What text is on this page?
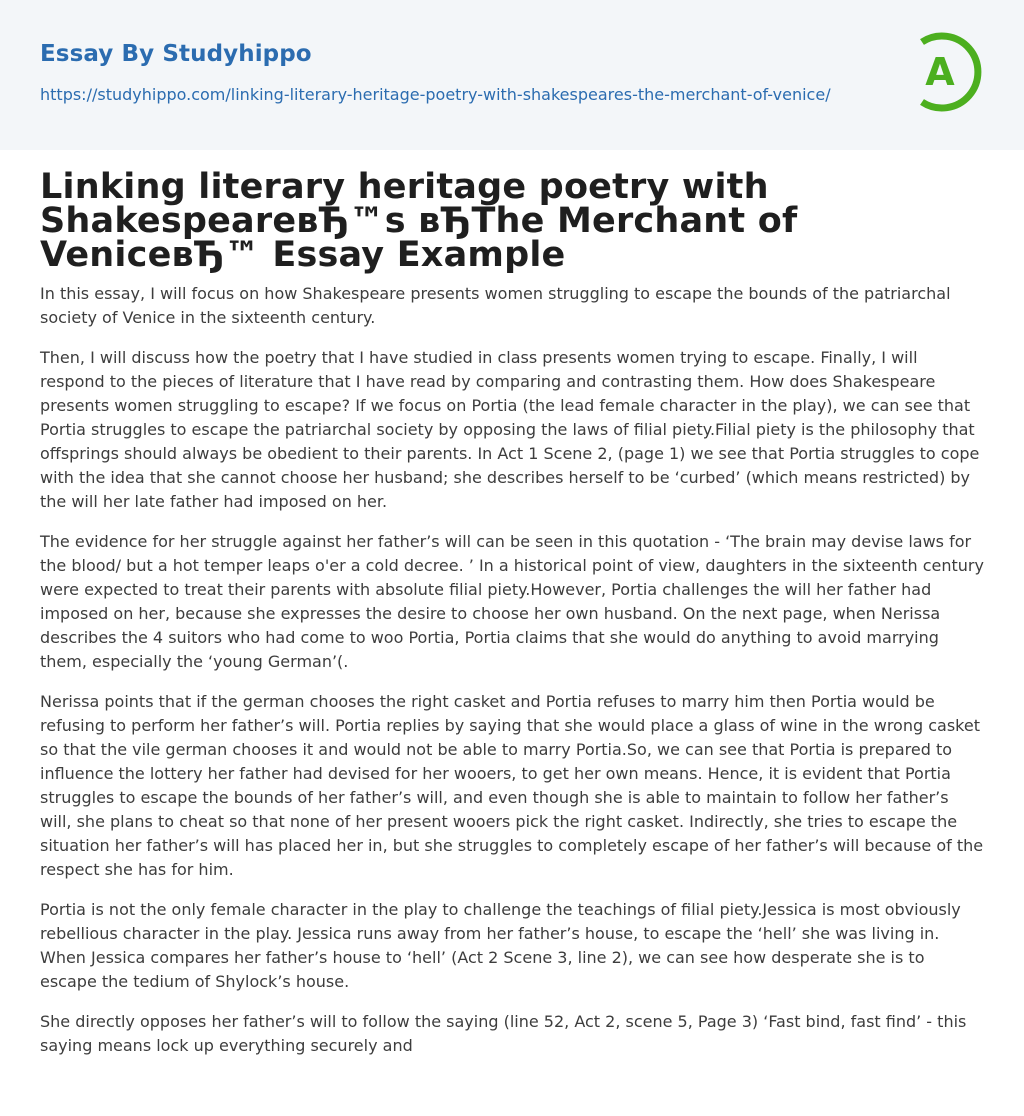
Essay By Studyhippo
https://studyhippo.com/linking-literary-heritage-poetry-with-shakespeares-the-merchant-of-venice/
A
Linking literary heritage poetry with ShakespeareвЂ™s вЂThe Merchant of VeniceвЂ™ Essay Example

In this essay, I will focus on how Shakespeare presents women struggling to escape the bounds of the patriarchal society of Venice in the sixteenth century.

Then, I will discuss how the poetry that I have studied in class presents women trying to escape. Finally, I will respond to the pieces of literature that I have read by comparing and contrasting them. How does Shakespeare presents women struggling to escape? If we focus on Portia (the lead female character in the play), we can see that Portia struggles to escape the patriarchal society by opposing the laws of filial piety.Filial piety is the philosophy that offsprings should always be obedient to their parents. In Act 1 Scene 2, (page 1) we see that Portia struggles to cope with the idea that she cannot choose her husband; she describes herself to be ‘curbed’ (which means restricted) by the will her late father had imposed on her.

The evidence for her struggle against her father’s will can be seen in this quotation - ‘The brain may devise laws for the blood/ but a hot temper leaps o'er a cold decree. ’ In a historical point of view, daughters in the sixteenth century were expected to treat their parents with absolute filial piety.However, Portia challenges the will her father had imposed on her, because she expresses the desire to choose her own husband. On the next page, when Nerissa describes the 4 suitors who had come to woo Portia, Portia claims that she would do anything to avoid marrying them, especially the ‘young German’(.

Nerissa points that if the german chooses the right casket and Portia refuses to marry him then Portia would be refusing to perform her father’s will. Portia replies by saying that she would place a glass of wine in the wrong casket so that the vile german chooses it and would not be able to marry Portia.So, we can see that Portia is prepared to influence the lottery her father had devised for her wooers, to get her own means. Hence, it is evident that Portia struggles to escape the bounds of her father’s will, and even though she is able to maintain to follow her father’s will, she plans to cheat so that none of her present wooers pick the right casket. Indirectly, she tries to escape the situation her father’s will has placed her in, but she struggles to completely escape of her father’s will because of the respect she has for him.

Portia is not the only female character in the play to challenge the teachings of filial piety.Jessica is most obviously rebellious character in the play. Jessica runs away from her father’s house, to escape the ‘hell’ she was living in. When Jessica compares her father’s house to ‘hell’ (Act 2 Scene 3, line 2), we can see how desperate she is to escape the tedium of Shylock’s house.

She directly opposes her father’s will to follow the saying (line 52, Act 2, scene 5, Page 3) ‘Fast bind, fast find’ - this saying means lock up everything securely and
